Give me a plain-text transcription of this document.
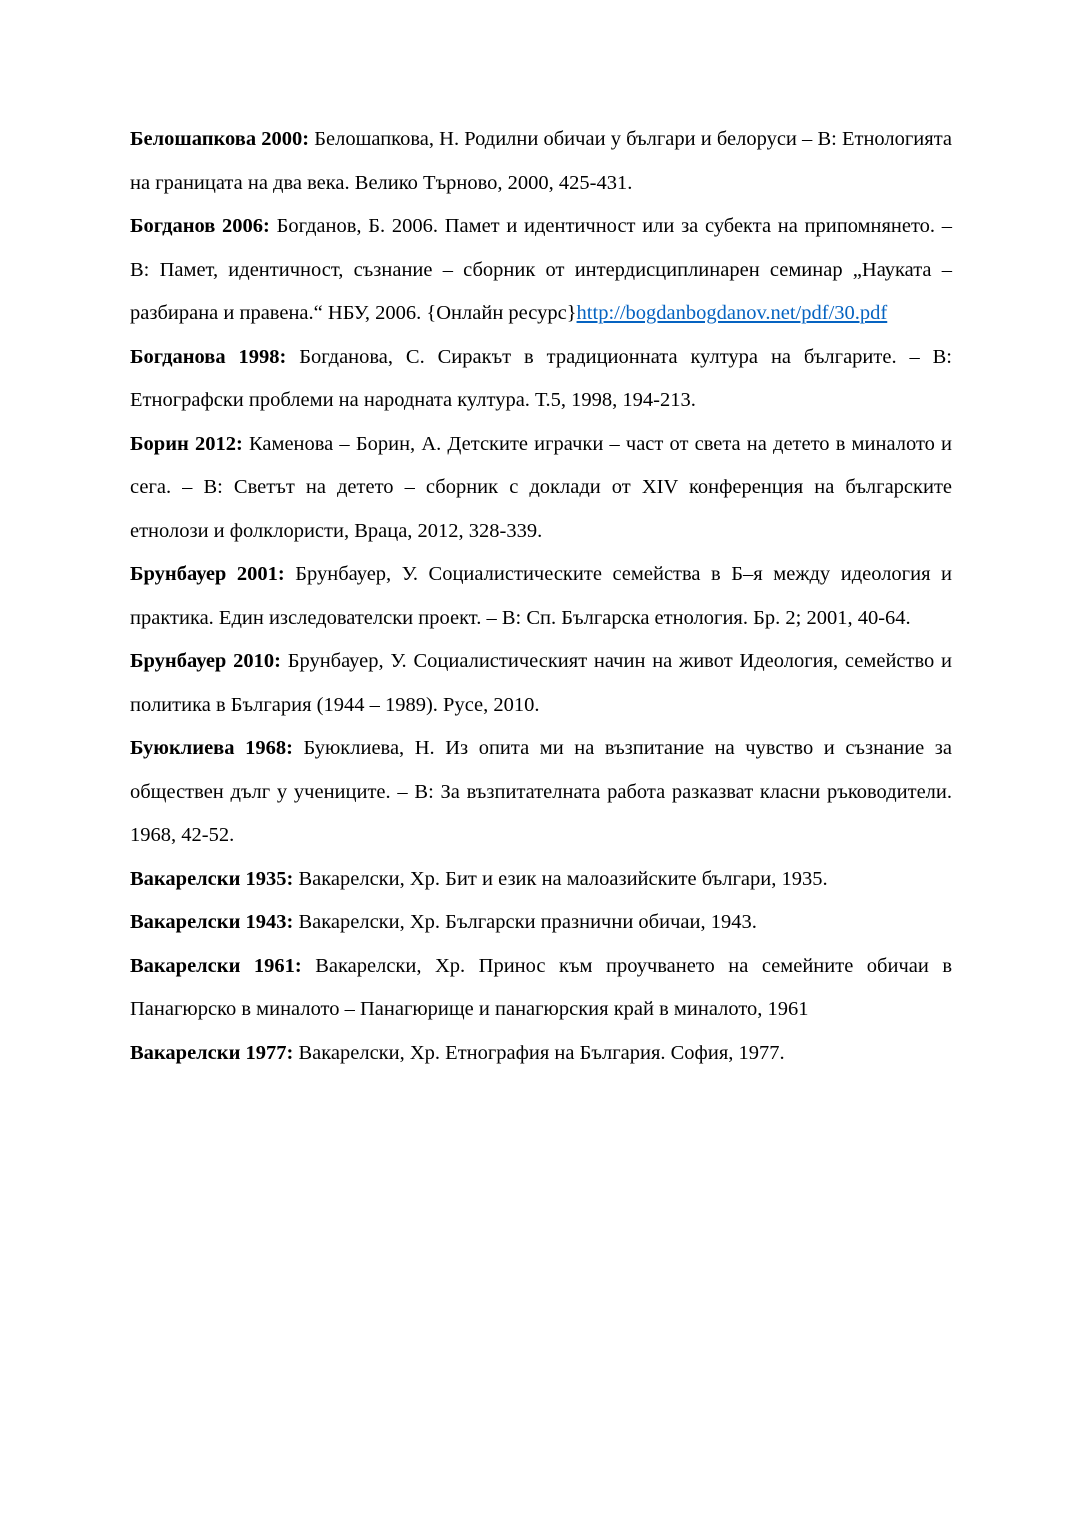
Белошапкова 2000: Белошапкова, Н. Родилни обичаи у българи и белоруси – В: Етнологията на границата на два века. Велико Търново, 2000, 425-431.

Богданов 2006: Богданов, Б. 2006. Памет и идентичност или за субекта на припомнянето. – В: Памет, идентичност, съзнание – сборник от интердисциплинарен семинар „Науката – разбирана и правена.“ НБУ, 2006. {Онлайн ресурс}http://bogdanbogdanov.net/pdf/30.pdf

Богданова 1998: Богданова, С. Сиракът в традиционната култура на българите. – В: Етнографски проблеми на народната култура. Т.5, 1998, 194-213.

Борин 2012: Каменова – Борин, А. Детските играчки – част от света на детето в миналото и сега. – В: Светът на детето – сборник с доклади от XIV конференция на българските етнолози и фолклористи, Враца, 2012, 328-339.

Брунбауер 2001: Брунбауер, У. Социалистическите семейства в Б–я между идеология и практика. Един изследователски проект. – В: Сп. Българска етнология. Бр. 2; 2001, 40-64.

Брунбауер 2010: Брунбауер, У. Социалистическият начин на живот Идеология, семейство и политика в България (1944 – 1989). Русе, 2010.

Буюклиева 1968: Буюклиева, Н. Из опита ми на възпитание на чувство и съзнание за обществен дълг у учениците. – В: За възпитателната работа разказват класни ръководители. 1968, 42-52.

Вакарелски 1935: Вакарелски, Хр. Бит и език на малоазийските българи, 1935.

Вакарелски 1943: Вакарелски, Хр. Български празнични обичаи, 1943.

Вакарелски 1961: Вакарелски, Хр. Принос към проучването на семейните обичаи в Панагюрско в миналото – Панагюрище и панагюрския край в миналото, 1961

Вакарелски 1977: Вакарелски, Хр. Етнография на България. София, 1977.
